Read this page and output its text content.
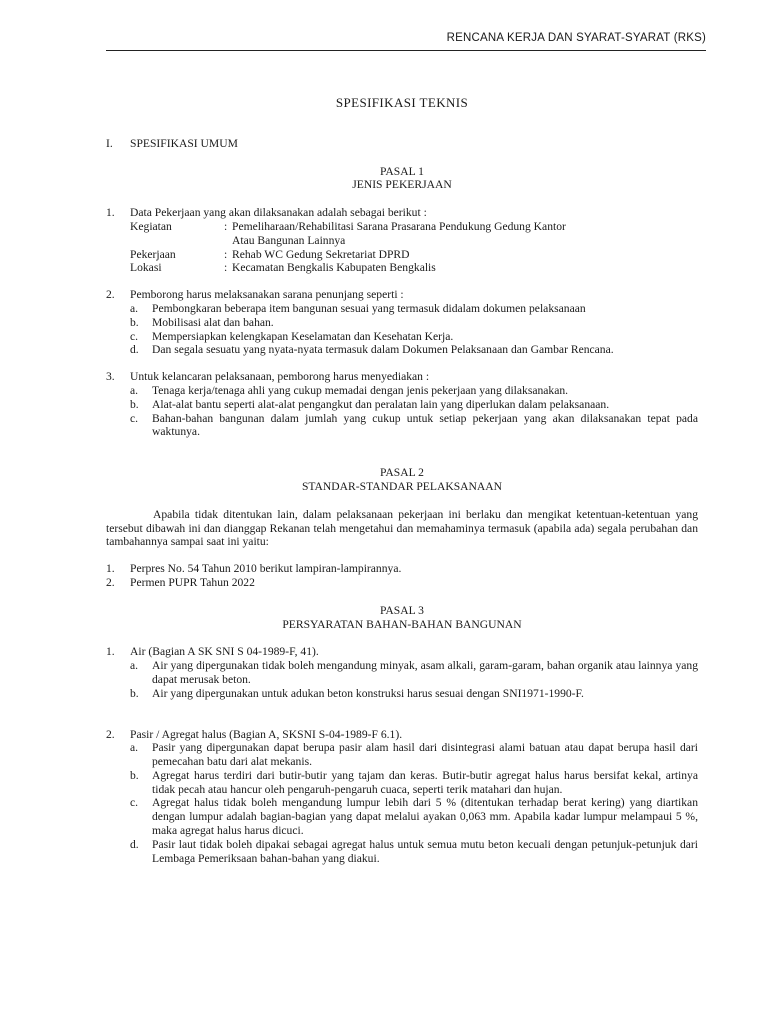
RENCANA KERJA DAN SYARAT-SYARAT (RKS)

SPESIFIKASI TEKNIS

I.	SPESIFIKASI UMUM
PASAL 1
JENIS PEKERJAAN
1.	Data Pekerjaan yang akan dilaksanakan adalah sebagai berikut :
Kegiatan	: Pemeliharaan/Rehabilitasi Sarana Prasarana Pendukung Gedung Kantor
Atau Bangunan Lainnya
Pekerjaan	: Rehab WC Gedung Sekretariat DPRD
Lokasi	: Kecamatan Bengkalis Kabupaten Bengkalis
2.	Pemborong harus melaksanakan sarana penunjang seperti :
a.	Pembongkaran beberapa item bangunan sesuai yang termasuk didalam dokumen pelaksanaan
b.	Mobilisasi alat dan bahan.
c.	Mempersiapkan kelengkapan Keselamatan dan Kesehatan Kerja.
d.	Dan segala sesuatu yang nyata-nyata termasuk dalam Dokumen Pelaksanaan dan Gambar Rencana.
3.	Untuk kelancaran pelaksanaan, pemborong harus menyediakan :
a.	Tenaga kerja/tenaga ahli yang cukup memadai dengan jenis pekerjaan yang dilaksanakan.
b.	Alat-alat bantu seperti alat-alat pengangkut dan peralatan lain yang diperlukan dalam pelaksanaan.
c.	Bahan-bahan bangunan dalam jumlah yang cukup untuk setiap pekerjaan yang akan dilaksanakan tepat pada waktunya.
PASAL 2
STANDAR-STANDAR PELAKSANAAN

Apabila tidak ditentukan lain, dalam pelaksanaan pekerjaan ini berlaku dan mengikat ketentuan-ketentuan yang tersebut dibawah ini dan dianggap Rekanan telah mengetahui dan memahaminya termasuk (apabila ada) segala perubahan dan tambahannya sampai saat ini yaitu:

1.	Perpres No. 54 Tahun 2010 berikut lampiran-lampirannya.
2.	Permen PUPR Tahun 2022
PASAL 3
PERSYARATAN BAHAN-BAHAN BANGUNAN
1.	Air (Bagian A SK SNI S 04-1989-F, 41).
a.	Air yang dipergunakan tidak boleh mengandung minyak, asam alkali, garam-garam, bahan organik atau lainnya yang dapat merusak beton.
b.	Air yang dipergunakan untuk adukan beton konstruksi harus sesuai dengan SNI1971-1990-F.
2.	Pasir / Agregat halus (Bagian A, SKSNI S-04-1989-F 6.1).
a.	Pasir yang dipergunakan dapat berupa pasir alam hasil dari disintegrasi alami batuan atau dapat berupa hasil dari pemecahan batu dari alat mekanis.
b.	Agregat harus terdiri dari butir-butir yang tajam dan keras. Butir-butir agregat halus harus bersifat kekal, artinya tidak pecah atau hancur oleh pengaruh-pengaruh cuaca, seperti terik matahari dan hujan.
c.	Agregat halus tidak boleh mengandung lumpur lebih dari 5 % (ditentukan terhadap berat kering) yang diartikan dengan lumpur adalah bagian-bagian yang dapat melalui ayakan 0,063 mm. Apabila kadar lumpur melampaui 5 %, maka agregat halus harus dicuci.
d.	Pasir laut tidak boleh dipakai sebagai agregat halus untuk semua mutu beton kecuali dengan petunjuk-petunjuk dari Lembaga Pemeriksaan bahan-bahan yang diakui.
